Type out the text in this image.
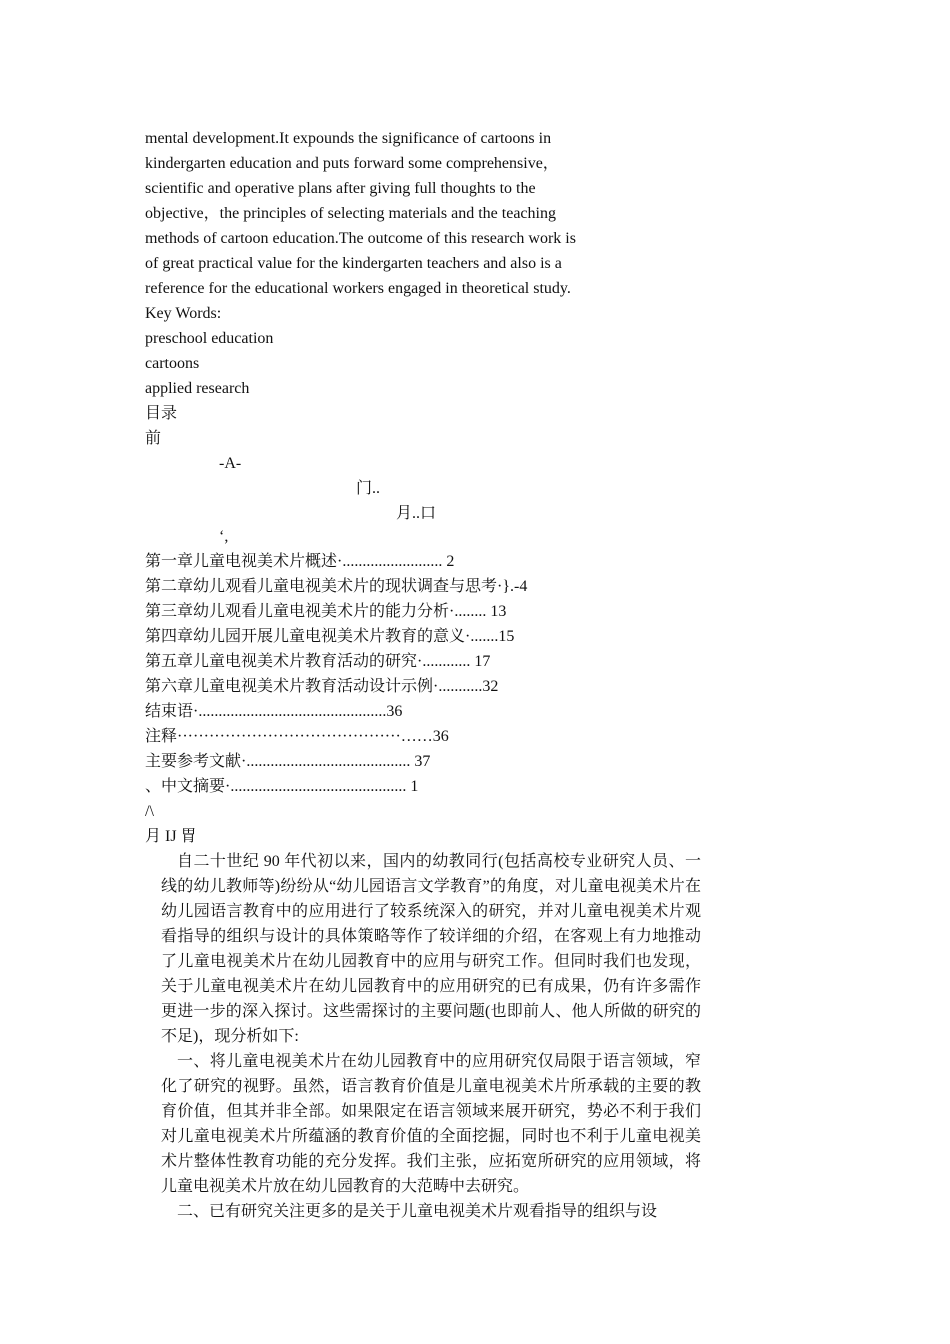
mental development.It expounds the significance of cartoons in
kindergarten education and puts forward some comprehensive，
scientific and operative plans after giving full thoughts to the
objective，the principles of selecting materials and the teaching
methods of cartoon education.The outcome of this research work is
of great practical value for the kindergarten teachers and also is a
reference for the educational workers engaged in theoretical study.
Key Words:
preschool education
cartoons
applied research
目录
前
-A-
门..
月..口
‘,
第一章儿童电视美术片概述·......................... 2
第二章幼儿观看儿童电视美术片的现状调查与思考·}.-4
第三章幼儿观看儿童电视美术片的能力分析·........ 13
第四章幼儿园开展儿童电视美术片教育的意义·.......15
第五章儿童电视美术片教育活动的研究·............ 17
第六章儿童电视美术片教育活动设计示例·...........32
结束语·...............................................36
注释··········································……36
主要参考文献·......................................... 37
、中文摘要·............................................ 1
/\
月 IJ 胃

自二十世纪 90 年代初以来，国内的幼教同行(包括高校专业研究人员、一线的幼儿教师等)纷纷从“幼儿园语言文学教育”的角度，对儿童电视美术片在幼儿园语言教育中的应用进行了较系统深入的研究，并对儿童电视美术片观看指导的组织与设计的具体策略等作了较详细的介绍，在客观上有力地推动了儿童电视美术片在幼儿园教育中的应用与研究工作。但同时我们也发现，关于儿童电视美术片在幼儿园教育中的应用研究的已有成果，仍有许多需作更进一步的深入探讨。这些需探讨的主要问题(也即前人、他人所做的研究的不足)，现分析如下:

一、将儿童电视美术片在幼儿园教育中的应用研究仅局限于语言领域，窄化了研究的视野。虽然，语言教育价值是儿童电视美术片所承载的主要的教育价值，但其并非全部。如果限定在语言领域来展开研究，势必不利于我们对儿童电视美术片所蕴涵的教育价值的全面挖掘，同时也不利于儿童电视美术片整体性教育功能的充分发挥。我们主张，应拓宽所研究的应用领域，将儿童电视美术片放在幼儿园教育的大范畴中去研究。

二、已有研究关注更多的是关于儿童电视美术片观看指导的组织与设
